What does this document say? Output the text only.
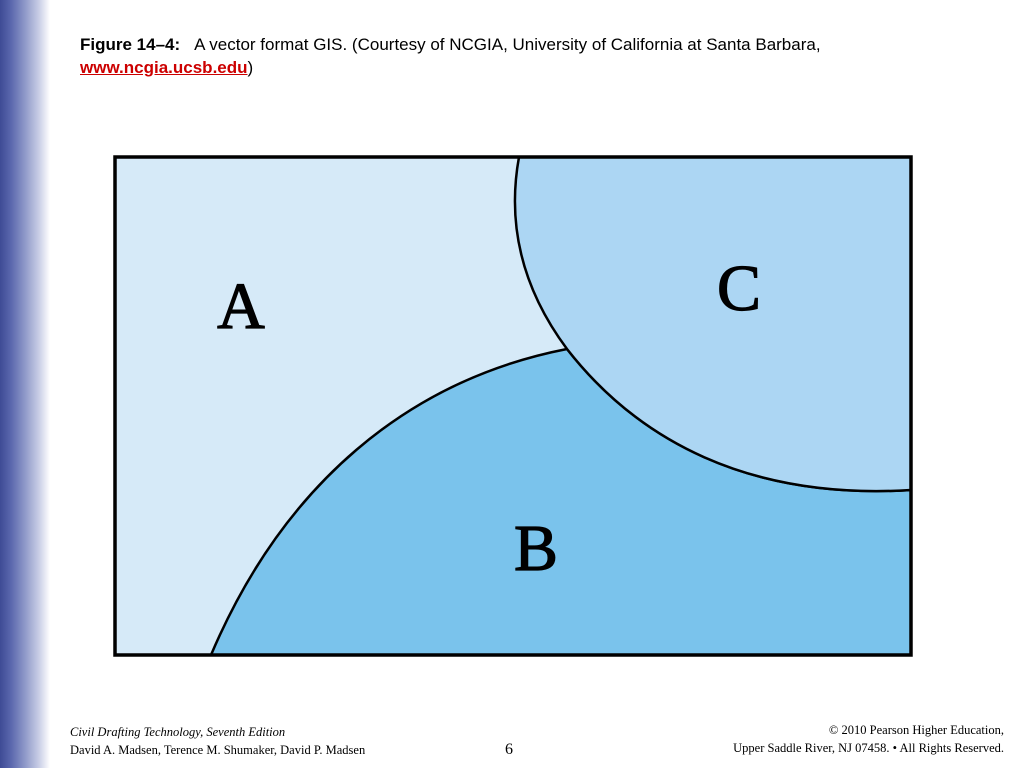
Figure 14–4: A vector format GIS. (Courtesy of NCGIA, University of California at Santa Barbara,
www.ncgia.ucsb.edu)
A
B
C
Civil Drafting Technology, Seventh Edition
David A. Madsen, Terence M. Shumaker, David P. Madsen	6
© 2010 Pearson Higher Education,
Upper Saddle River, NJ 07458. • All Rights Reserved.
